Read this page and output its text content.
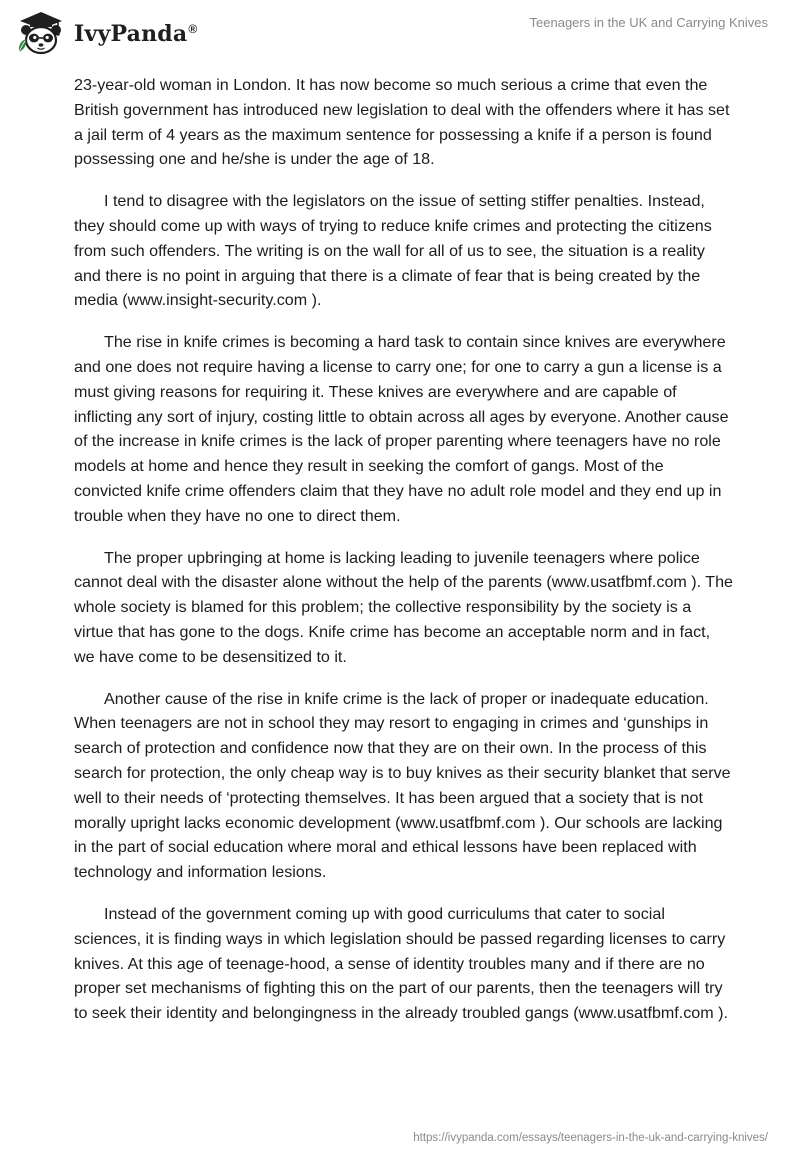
IvyPanda®	Teenagers in the UK and Carrying Knives

23-year-old woman in London. It has now become so much serious a crime that even the British government has introduced new legislation to deal with the offenders where it has set a jail term of 4 years as the maximum sentence for possessing a knife if a person is found possessing one and he/she is under the age of 18.

I tend to disagree with the legislators on the issue of setting stiffer penalties. Instead, they should come up with ways of trying to reduce knife crimes and protecting the citizens from such offenders. The writing is on the wall for all of us to see, the situation is a reality and there is no point in arguing that there is a climate of fear that is being created by the media (www.insight-security.com ).

The rise in knife crimes is becoming a hard task to contain since knives are everywhere and one does not require having a license to carry one; for one to carry a gun a license is a must giving reasons for requiring it. These knives are everywhere and are capable of inflicting any sort of injury, costing little to obtain across all ages by everyone. Another cause of the increase in knife crimes is the lack of proper parenting where teenagers have no role models at home and hence they result in seeking the comfort of gangs. Most of the convicted knife crime offenders claim that they have no adult role model and they end up in trouble when they have no one to direct them.

The proper upbringing at home is lacking leading to juvenile teenagers where police cannot deal with the disaster alone without the help of the parents (www.usatfbmf.com ). The whole society is blamed for this problem; the collective responsibility by the society is a virtue that has gone to the dogs. Knife crime has become an acceptable norm and in fact, we have come to be desensitized to it.

Another cause of the rise in knife crime is the lack of proper or inadequate education. When teenagers are not in school they may resort to engaging in crimes and ‘gunships in search of protection and confidence now that they are on their own. In the process of this search for protection, the only cheap way is to buy knives as their security blanket that serve well to their needs of ‘protecting themselves. It has been argued that a society that is not morally upright lacks economic development (www.usatfbmf.com ). Our schools are lacking in the part of social education where moral and ethical lessons have been replaced with technology and information lesions.

Instead of the government coming up with good curriculums that cater to social sciences, it is finding ways in which legislation should be passed regarding licenses to carry knives. At this age of teenage-hood, a sense of identity troubles many and if there are no proper set mechanisms of fighting this on the part of our parents, then the teenagers will try to seek their identity and belongingness in the already troubled gangs (www.usatfbmf.com ).

https://ivypanda.com/essays/teenagers-in-the-uk-and-carrying-knives/
